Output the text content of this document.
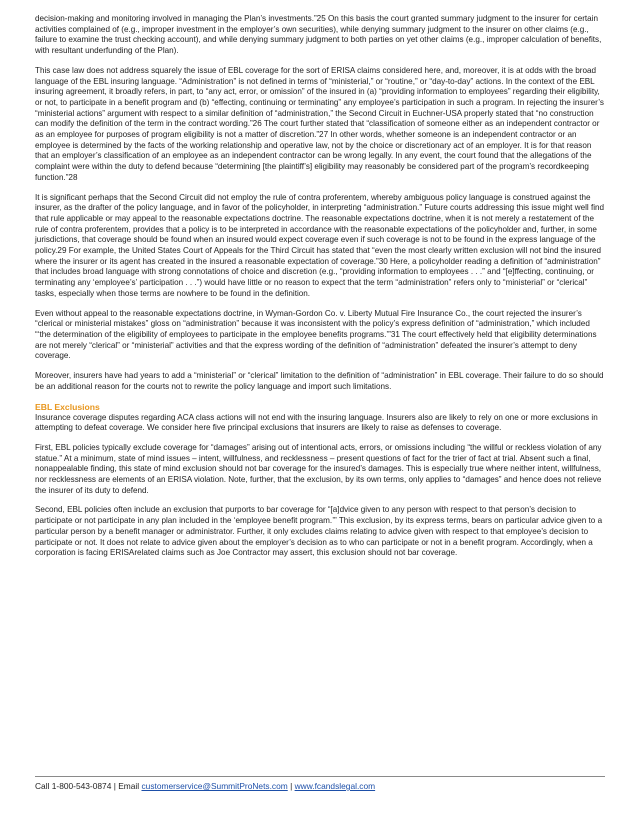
decision-making and monitoring involved in managing the Plan’s investments.”25 On this basis the court granted summary judgment to the insurer for certain activities complained of (e.g., improper investment in the employer’s own securities), while denying summary judgment to the insurer on other claims (e.g., failure to examine the trust checking account), and while denying summary judgment to both parties on yet other claims (e.g., improper calculation of benefits, with resultant underfunding of the Plan).

This case law does not address squarely the issue of EBL coverage for the sort of ERISA claims considered here, and, moreover, it is at odds with the broad language of the EBL insuring language. “Administration” is not defined in terms of “ministerial,” or “routine,” or “day-to-day” actions. In the context of the EBL insuring agreement, it broadly refers, in part, to “any act, error, or omission” of the insured in (a) “providing information to employees” regarding their eligibility, or not, to participate in a benefit program and (b) “effecting, continuing or terminating” any employee’s participation in such a program. In rejecting the insurer’s “ministerial actions” argument with respect to a similar definition of “administration,” the Second Circuit in Euchner-USA properly stated that “no construction can modify the definition of the term in the contract wording.”26 The court further stated that “classification of someone either as an independent contractor or as an employee for purposes of program eligibility is not a matter of discretion.”27 In other words, whether someone is an independent contractor or an employee is determined by the facts of the working relationship and operative law, not by the choice or discretionary act of an employer. It is for that reason that an employer’s classification of an employee as an independent contractor can be wrong legally. In any event, the court found that the allegations of the complaint were within the duty to defend because “determining [the plaintiff’s] eligibility may reasonably be considered part of the program’s recordkeeping function.”28

It is significant perhaps that the Second Circuit did not employ the rule of contra proferentem, whereby ambiguous policy language is construed against the insurer, as the drafter of the policy language, and in favor of the policyholder, in interpreting “administration.” Future courts addressing this issue might well find that rule applicable or may appeal to the reasonable expectations doctrine. The reasonable expectations doctrine, when it is not merely a restatement of the rule of contra proferentem, provides that a policy is to be interpreted in accordance with the reasonable expectations of the policyholder and, further, in some jurisdictions, that coverage should be found when an insured would expect coverage even if such coverage is not to be found in the express language of the policy.29 For example, the United States Court of Appeals for the Third Circuit has stated that “even the most clearly written exclusion will not bind the insured where the insurer or its agent has created in the insured a reasonable expectation of coverage.”30 Here, a policyholder reading a definition of “administration” that includes broad language with strong connotations of choice and discretion (e.g., “providing information to employees . . .” and “[e]ffecting, continuing, or terminating any ‘employee’s’ participation . . .”) would have little or no reason to expect that the term “administration” refers only to “ministerial” or “clerical” tasks, especially when those terms are nowhere to be found in the definition.

Even without appeal to the reasonable expectations doctrine, in Wyman-Gordon Co. v. Liberty Mutual Fire Insurance Co., the court rejected the insurer’s “clerical or ministerial mistakes” gloss on “administration” because it was inconsistent with the policy’s express definition of “administration,” which included “‘the determination of the eligibility of employees to participate in the employee benefits programs.’”31 The court effectively held that eligibility determinations are not merely “clerical” or “ministerial” activities and that the express wording of the definition of “administration” defeated the insurer’s attempt to deny coverage.

Moreover, insurers have had years to add a “ministerial” or “clerical” limitation to the definition of “administration” in EBL coverage. Their failure to do so should be an additional reason for the courts not to rewrite the policy language and import such limitations.

EBL Exclusions

Insurance coverage disputes regarding ACA class actions will not end with the insuring language. Insurers also are likely to rely on one or more exclusions in attempting to defeat coverage. We consider here five principal exclusions that insurers are likely to raise as defenses to coverage.

First, EBL policies typically exclude coverage for “damages” arising out of intentional acts, errors, or omissions including “the willful or reckless violation of any statue.” At a minimum, state of mind issues – intent, willfulness, and recklessness – present questions of fact for the trier of fact at trial. Absent such a final, nonappealable finding, this state of mind exclusion should not bar coverage for the insured’s damages. This is especially true where neither intent, willfulness, nor recklessness are elements of an ERISA violation. Note, further, that the exclusion, by its own terms, only applies to “damages” and hence does not relieve the insurer of its duty to defend.

Second, EBL policies often include an exclusion that purports to bar coverage for “[a]dvice given to any person with respect to that person’s decision to participate or not participate in any plan included in the ‘employee benefit program.’” This exclusion, by its express terms, bears on particular advice given to a particular person by a benefit manager or administrator. Further, it only excludes claims relating to advice given with respect to that employee’s decision to participate or not. It does not relate to advice given about the employer’s decision as to who can participate or not in a benefit program. Accordingly, when a corporation is facing ERISArelated claims such as Joe Contractor may assert, this exclusion should not bar coverage.

Call 1-800-543-0874 | Email customerservice@SummitProNets.com | www.fcandslegal.com
